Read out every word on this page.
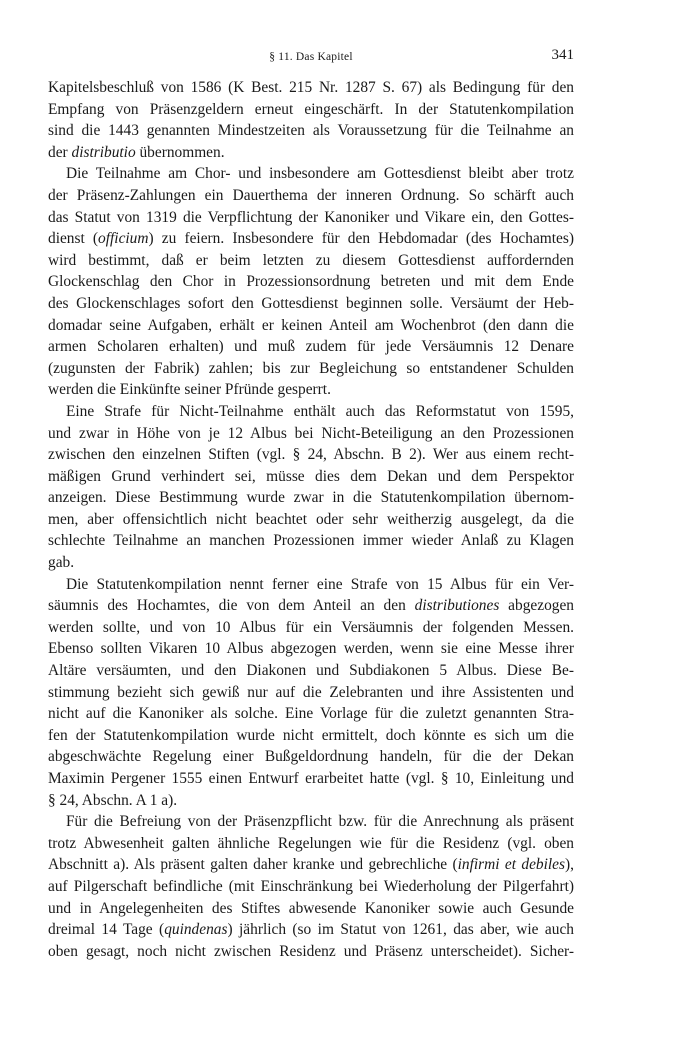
§ 11. Das Kapitel	341
Kapitelsbeschluß von 1586 (K Best. 215 Nr. 1287 S. 67) als Bedingung für den
Empfang von Präsenzgeldern erneut eingeschärft. In der Statutenkompilation
sind die 1443 genannten Mindestzeiten als Voraussetzung für die Teilnahme an
der distributio übernommen.
Die Teilnahme am Chor- und insbesondere am Gottesdienst bleibt aber trotz
der Präsenz-Zahlungen ein Dauerthema der inneren Ordnung. So schärft auch
das Statut von 1319 die Verpflichtung der Kanoniker und Vikare ein, den Gottes-
dienst (officium) zu feiern. Insbesondere für den Hebdomadar (des Hochamtes)
wird bestimmt, daß er beim letzten zu diesem Gottesdienst auffordernden
Glockenschlag den Chor in Prozessionsordnung betreten und mit dem Ende
des Glockenschlages sofort den Gottesdienst beginnen solle. Versäumt der Heb-
domadar seine Aufgaben, erhält er keinen Anteil am Wochenbrot (den dann die
armen Scholaren erhalten) und muß zudem für jede Versäumnis 12 Denare
(zugunsten der Fabrik) zahlen; bis zur Begleichung so entstandener Schulden
werden die Einkünfte seiner Pfründe gesperrt.
Eine Strafe für Nicht-Teilnahme enthält auch das Reformstatut von 1595,
und zwar in Höhe von je 12 Albus bei Nicht-Beteiligung an den Prozessionen
zwischen den einzelnen Stiften (vgl. § 24, Abschn. B 2). Wer aus einem recht-
mäßigen Grund verhindert sei, müsse dies dem Dekan und dem Perspektor
anzeigen. Diese Bestimmung wurde zwar in die Statutenkompilation übernom-
men, aber offensichtlich nicht beachtet oder sehr weitherzig ausgelegt, da die
schlechte Teilnahme an manchen Prozessionen immer wieder Anlaß zu Klagen
gab.
Die Statutenkompilation nennt ferner eine Strafe von 15 Albus für ein Ver-
säumnis des Hochamtes, die von dem Anteil an den distributiones abgezogen
werden sollte, und von 10 Albus für ein Versäumnis der folgenden Messen.
Ebenso sollten Vikaren 10 Albus abgezogen werden, wenn sie eine Messe ihrer
Altäre versäumten, und den Diakonen und Subdiakonen 5 Albus. Diese Be-
stimmung bezieht sich gewiß nur auf die Zelebranten und ihre Assistenten und
nicht auf die Kanoniker als solche. Eine Vorlage für die zuletzt genannten Stra-
fen der Statutenkompilation wurde nicht ermittelt, doch könnte es sich um die
abgeschwächte Regelung einer Bußgeldordnung handeln, für die der Dekan
Maximin Pergener 1555 einen Entwurf erarbeitet hatte (vgl. § 10, Einleitung und
§ 24, Abschn. A 1 a).
Für die Befreiung von der Präsenzpflicht bzw. für die Anrechnung als präsent
trotz Abwesenheit galten ähnliche Regelungen wie für die Residenz (vgl. oben
Abschnitt a). Als präsent galten daher kranke und gebrechliche (infirmi et debiles),
auf Pilgerschaft befindliche (mit Einschränkung bei Wiederholung der Pilgerfahrt)
und in Angelegenheiten des Stiftes abwesende Kanoniker sowie auch Gesunde
dreimal 14 Tage (quindenas) jährlich (so im Statut von 1261, das aber, wie auch
oben gesagt, noch nicht zwischen Residenz und Präsenz unterscheidet). Sicher-
